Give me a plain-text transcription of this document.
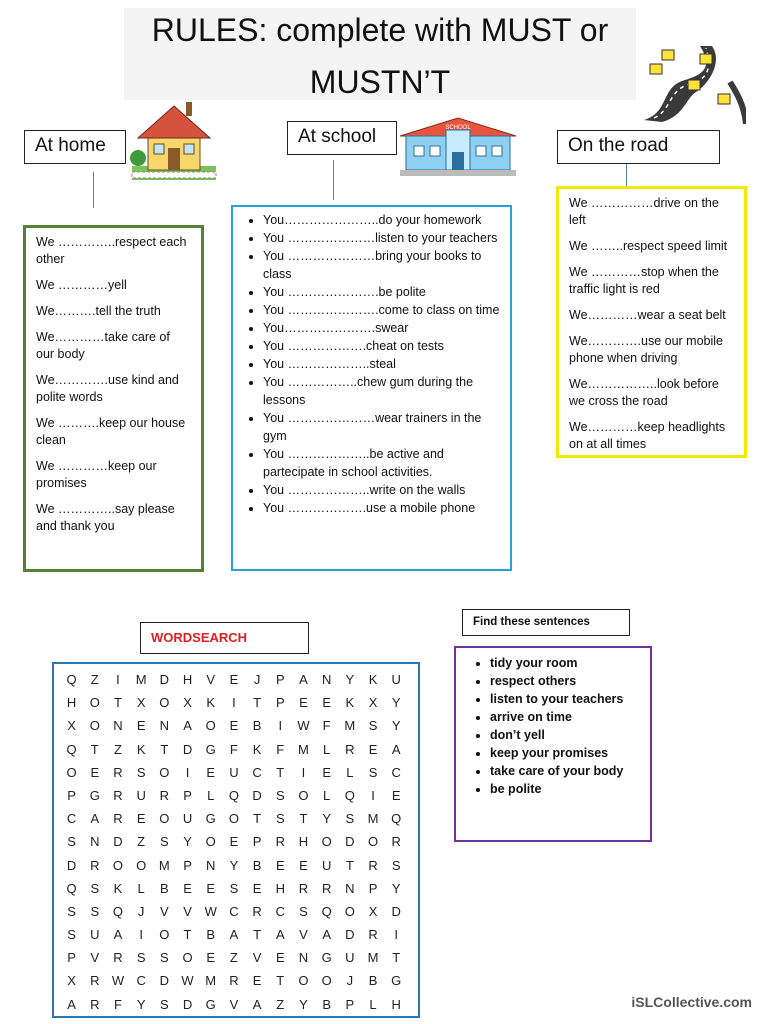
RULES: complete with MUST or
MUSTN’T
At home	At school	SCHOOL
On the road

We …………..respect each other

We …………yell

We……….tell the truth

We…………take care of our body

We………….use kind and polite words

We ……….keep our house clean

We …………keep our promises

We …………..say please and thank you

• You…………………..do your homework
• You …………………listen to your teachers
• You …………………bring your books to class
• You ………………….be polite
• You ………………….come to class on time
• You………………….swear
• You ……………….cheat on tests
• You ………………..steal
• You ……………..chew gum during the lessons
• You …………………wear trainers in the gym
• You ………………..be active and partecipate in school activities.
• You ………………..write on the walls
• You ……………….use a mobile phone

We ……………drive on the left

We ……..respect speed limit

We …………stop when the traffic light is red

We…………wear a seat belt

We………….use our mobile phone when driving

We……………..look before we cross the road

We…………keep headlights on at all times

WORDSEARCH
Q	Z	I	M	D	H	V	E	J	P	A	N	Y	K	U
H	O	T	X	O	X	K	I	T	P	E	E	K	X	Y
X	O	N	E	N	A	O	E	B	I	W	F	M	S	Y
Q	T	Z	K	T	D	G	F	K	F	M	L	R	E	A
O	E	R	S	O	I	E	U	C	T	I	E	L	S	C
P	G	R	U	R	P	L	Q	D	S	O	L	Q	I	E
C	A	R	E	O	U	G	O	T	S	T	Y	S	M Q
S	N	D	Z	S	Y	O	E	P	R	H	O	D	O	R
D	R	O	O M	P	N	Y	B	E	E	U	T	R	S
Q	S	K	L	B	E	E	S	E	H	R	R	N	P	Y
S	S	Q	J	V	V W C	R	C	S	Q	O	X	D
S	U	A	I	O	T	B	A	T	A	V	A	D	R	I
P	V	R	S	S	O	E	Z	V	E	N	G	U	M	T
X	R W C	D W M	R	E	T	O	O	J	B	G
A	R	F	Y	S	D	G	V	A	Z	Y	B	P	L	H
Find these sentences
• tidy your room
• respect others
• listen to your teachers
• arrive on time
• don’t yell
• keep your promises
• take care of your body
• be polite
iSLCollective.com
